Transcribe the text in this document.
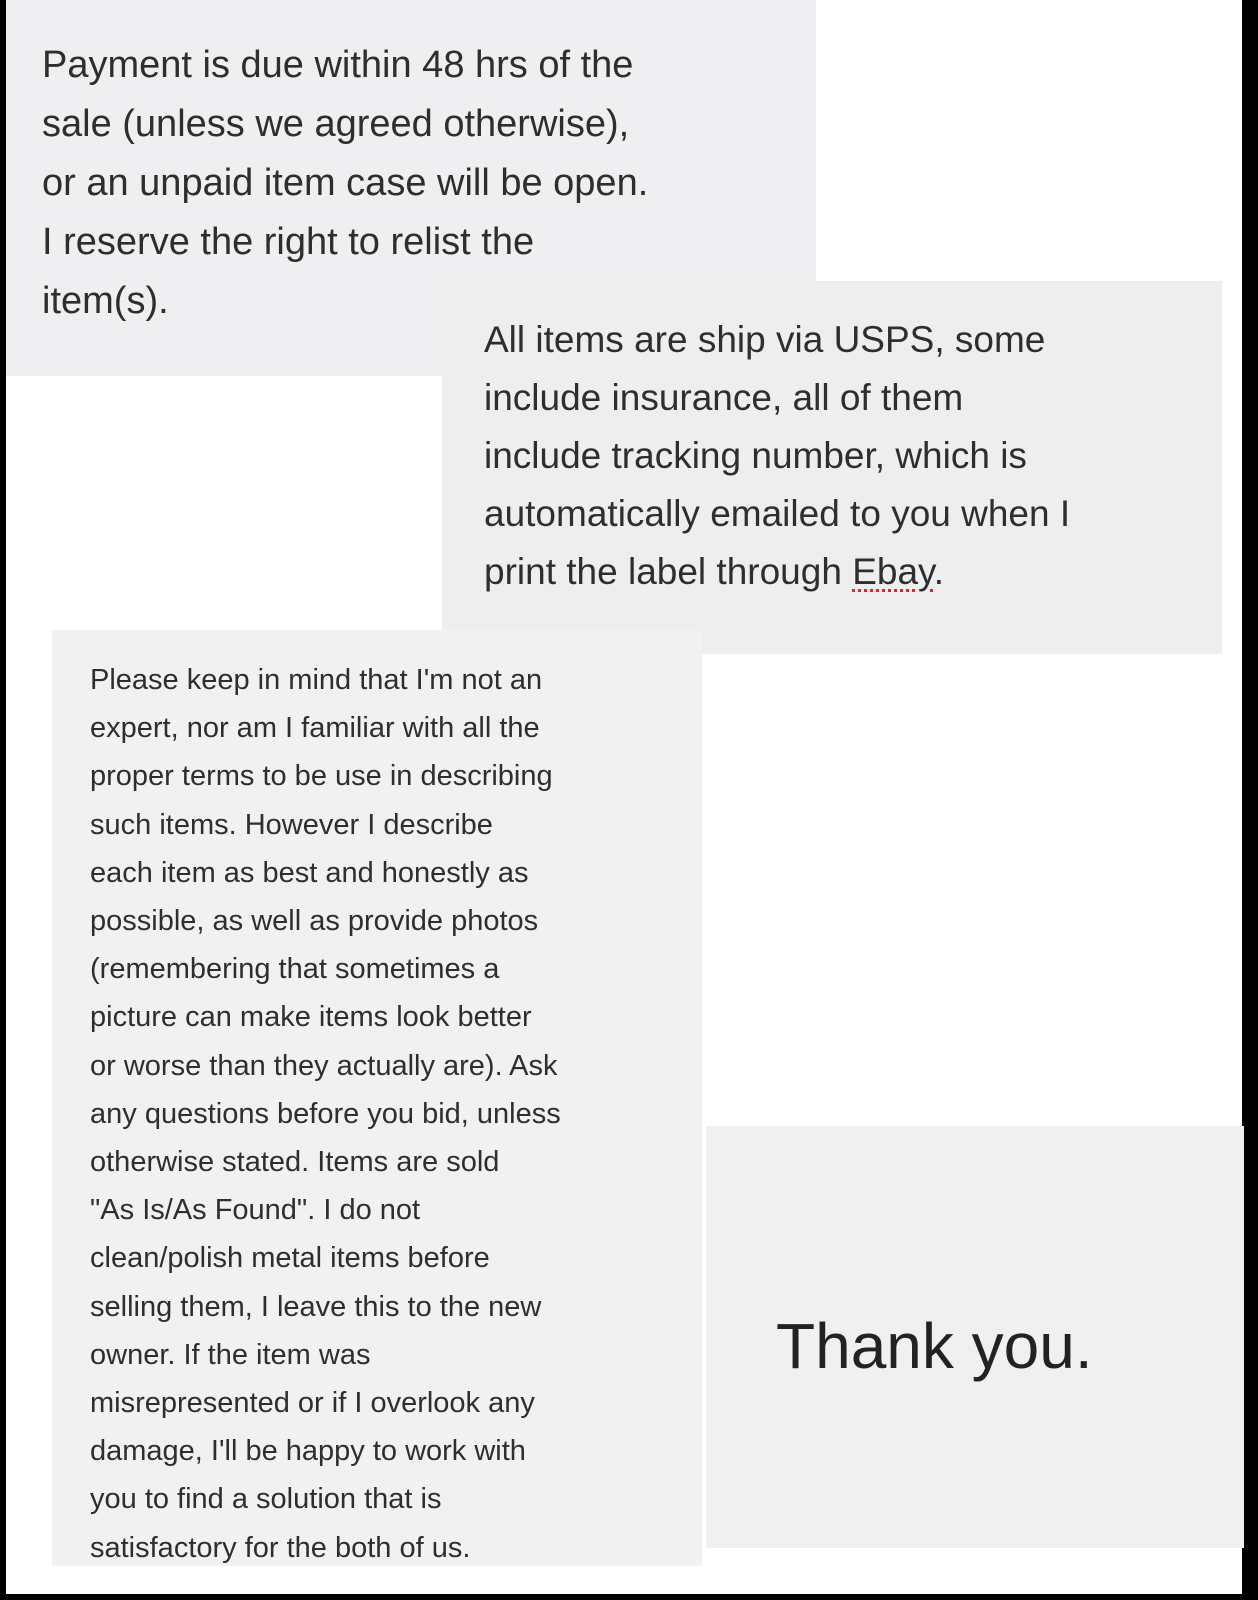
Payment is due within 48 hrs of the
sale (unless we agreed otherwise),
or an unpaid item case will be open.
I reserve the right to relist the
item(s).

All items are ship via USPS, some
include insurance, all of them
include tracking number, which is
automatically emailed to you when I
print the label through Ebay.

Please keep in mind that I'm not an
expert, nor am I familiar with all the
proper terms to be use in describing
such items. However I describe
each item as best and honestly as
possible, as well as provide photos
(remembering that sometimes a
picture can make items look better
or worse than they actually are). Ask
any questions before you bid, unless
otherwise stated. Items are sold
"As Is/As Found". I do not
clean/polish metal items before
selling them, I leave this to the new
owner. If the item was
misrepresented or if I overlook any
damage, I'll be happy to work with
you to find a solution that is
satisfactory for the both of us.

Thank you.
